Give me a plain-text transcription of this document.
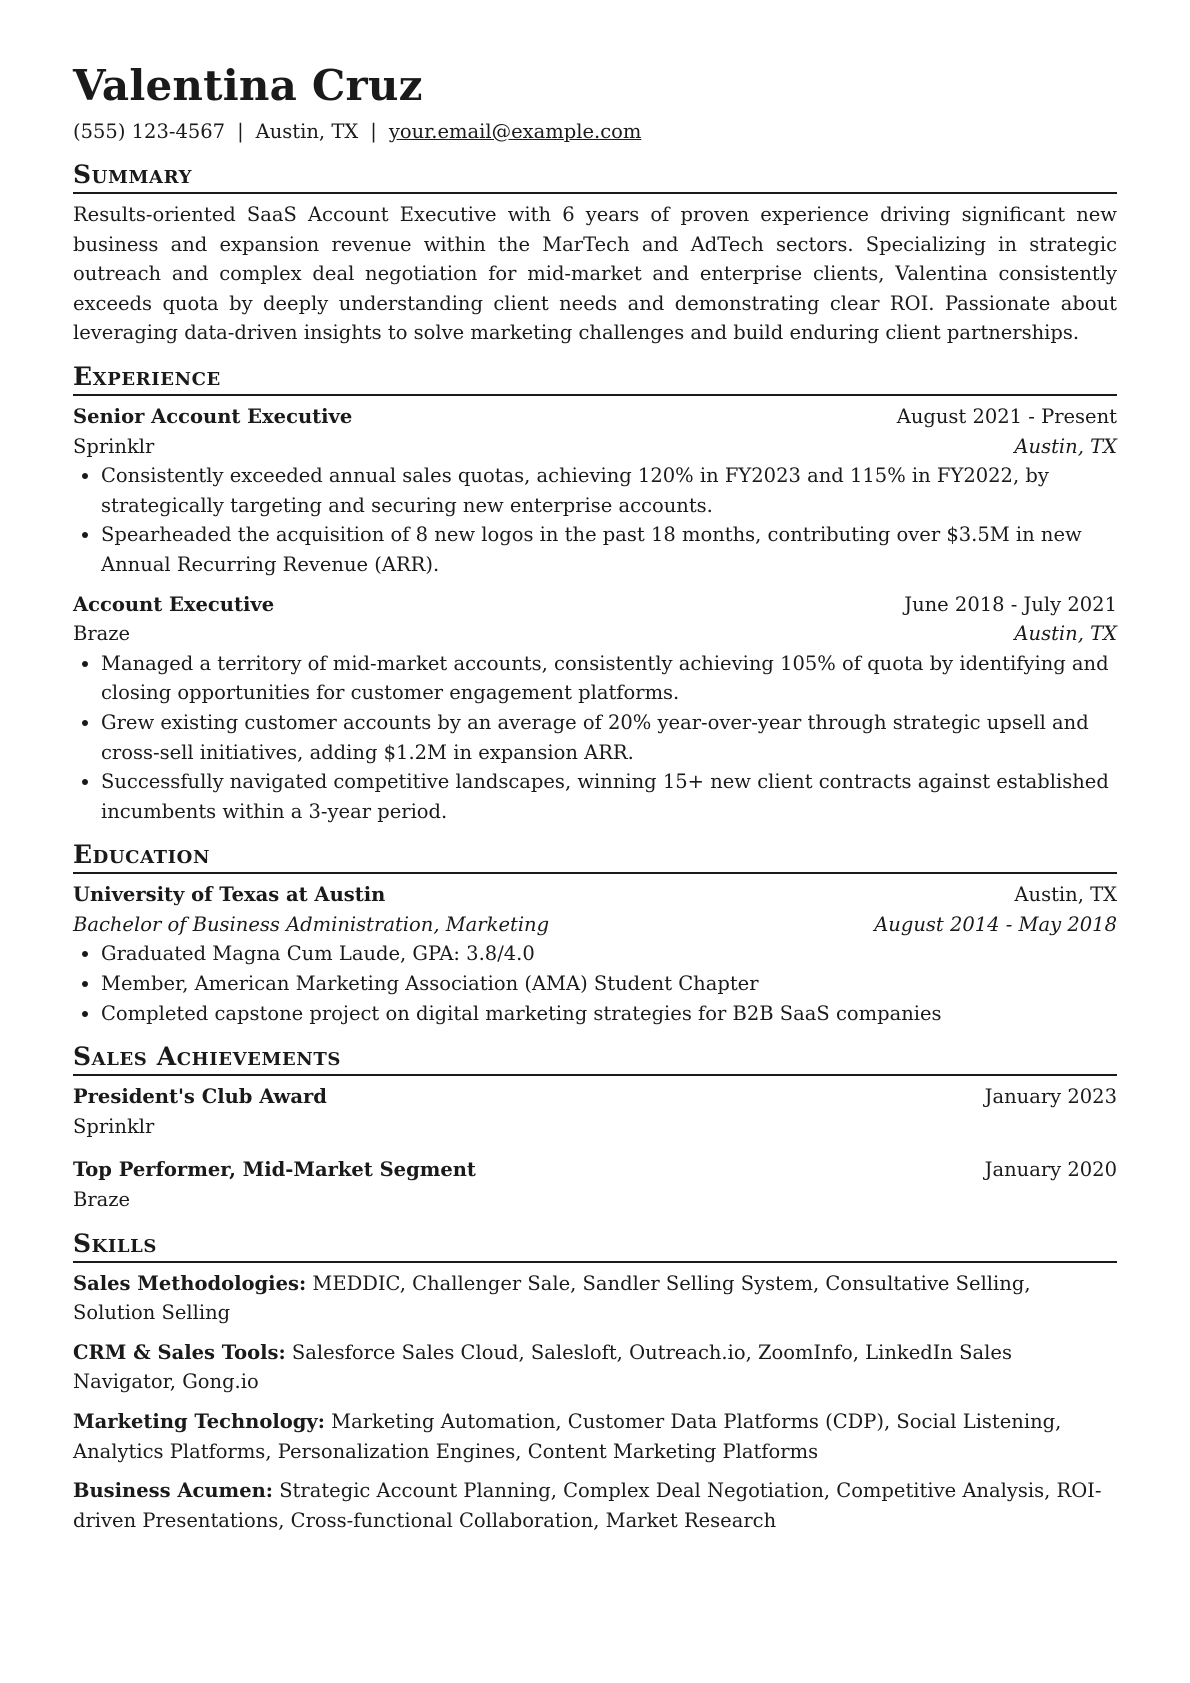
Valentina Cruz
(555) 123-4567 | Austin, TX | your.email@example.com
Summary

Results-oriented SaaS Account Executive with 6 years of proven experience driving significant new business and expansion revenue within the MarTech and AdTech sectors. Specializing in strategic outreach and complex deal negotiation for mid-market and enterprise clients, Valentina consistently exceeds quota by deeply understanding client needs and demonstrating clear ROI. Passionate about leveraging data-driven insights to solve marketing challenges and build enduring client partnerships.

Experience
Senior Account Executive	August 2021 - Present
Sprinklr	Austin, TX
• Consistently exceeded annual sales quotas, achieving 120% in FY2023 and 115% in FY2022, by strategically targeting and securing new enterprise accounts.
• Spearheaded the acquisition of 8 new logos in the past 18 months, contributing over $3.5M in new Annual Recurring Revenue (ARR).
Account Executive	June 2018 - July 2021
Braze	Austin, TX
• Managed a territory of mid-market accounts, consistently achieving 105% of quota by identifying and closing opportunities for customer engagement platforms.
• Grew existing customer accounts by an average of 20% year-over-year through strategic upsell and cross-sell initiatives, adding $1.2M in expansion ARR.
• Successfully navigated competitive landscapes, winning 15+ new client contracts against established incumbents within a 3-year period.
Education
University of Texas at Austin	Austin, TX
Bachelor of Business Administration, Marketing	August 2014 - May 2018
• Graduated Magna Cum Laude, GPA: 3.8/4.0
• Member, American Marketing Association (AMA) Student Chapter
• Completed capstone project on digital marketing strategies for B2B SaaS companies
Sales Achievements
President's Club Award	January 2023
Sprinklr
Top Performer, Mid-Market Segment	January 2020
Braze
Skills

Sales Methodologies: MEDDIC, Challenger Sale, Sandler Selling System, Consultative Selling, Solution Selling

CRM & Sales Tools: Salesforce Sales Cloud, Salesloft, Outreach.io, ZoomInfo, LinkedIn Sales Navigator, Gong.io

Marketing Technology: Marketing Automation, Customer Data Platforms (CDP), Social Listening, Analytics Platforms, Personalization Engines, Content Marketing Platforms

Business Acumen: Strategic Account Planning, Complex Deal Negotiation, Competitive Analysis, ROI-driven Presentations, Cross-functional Collaboration, Market Research
